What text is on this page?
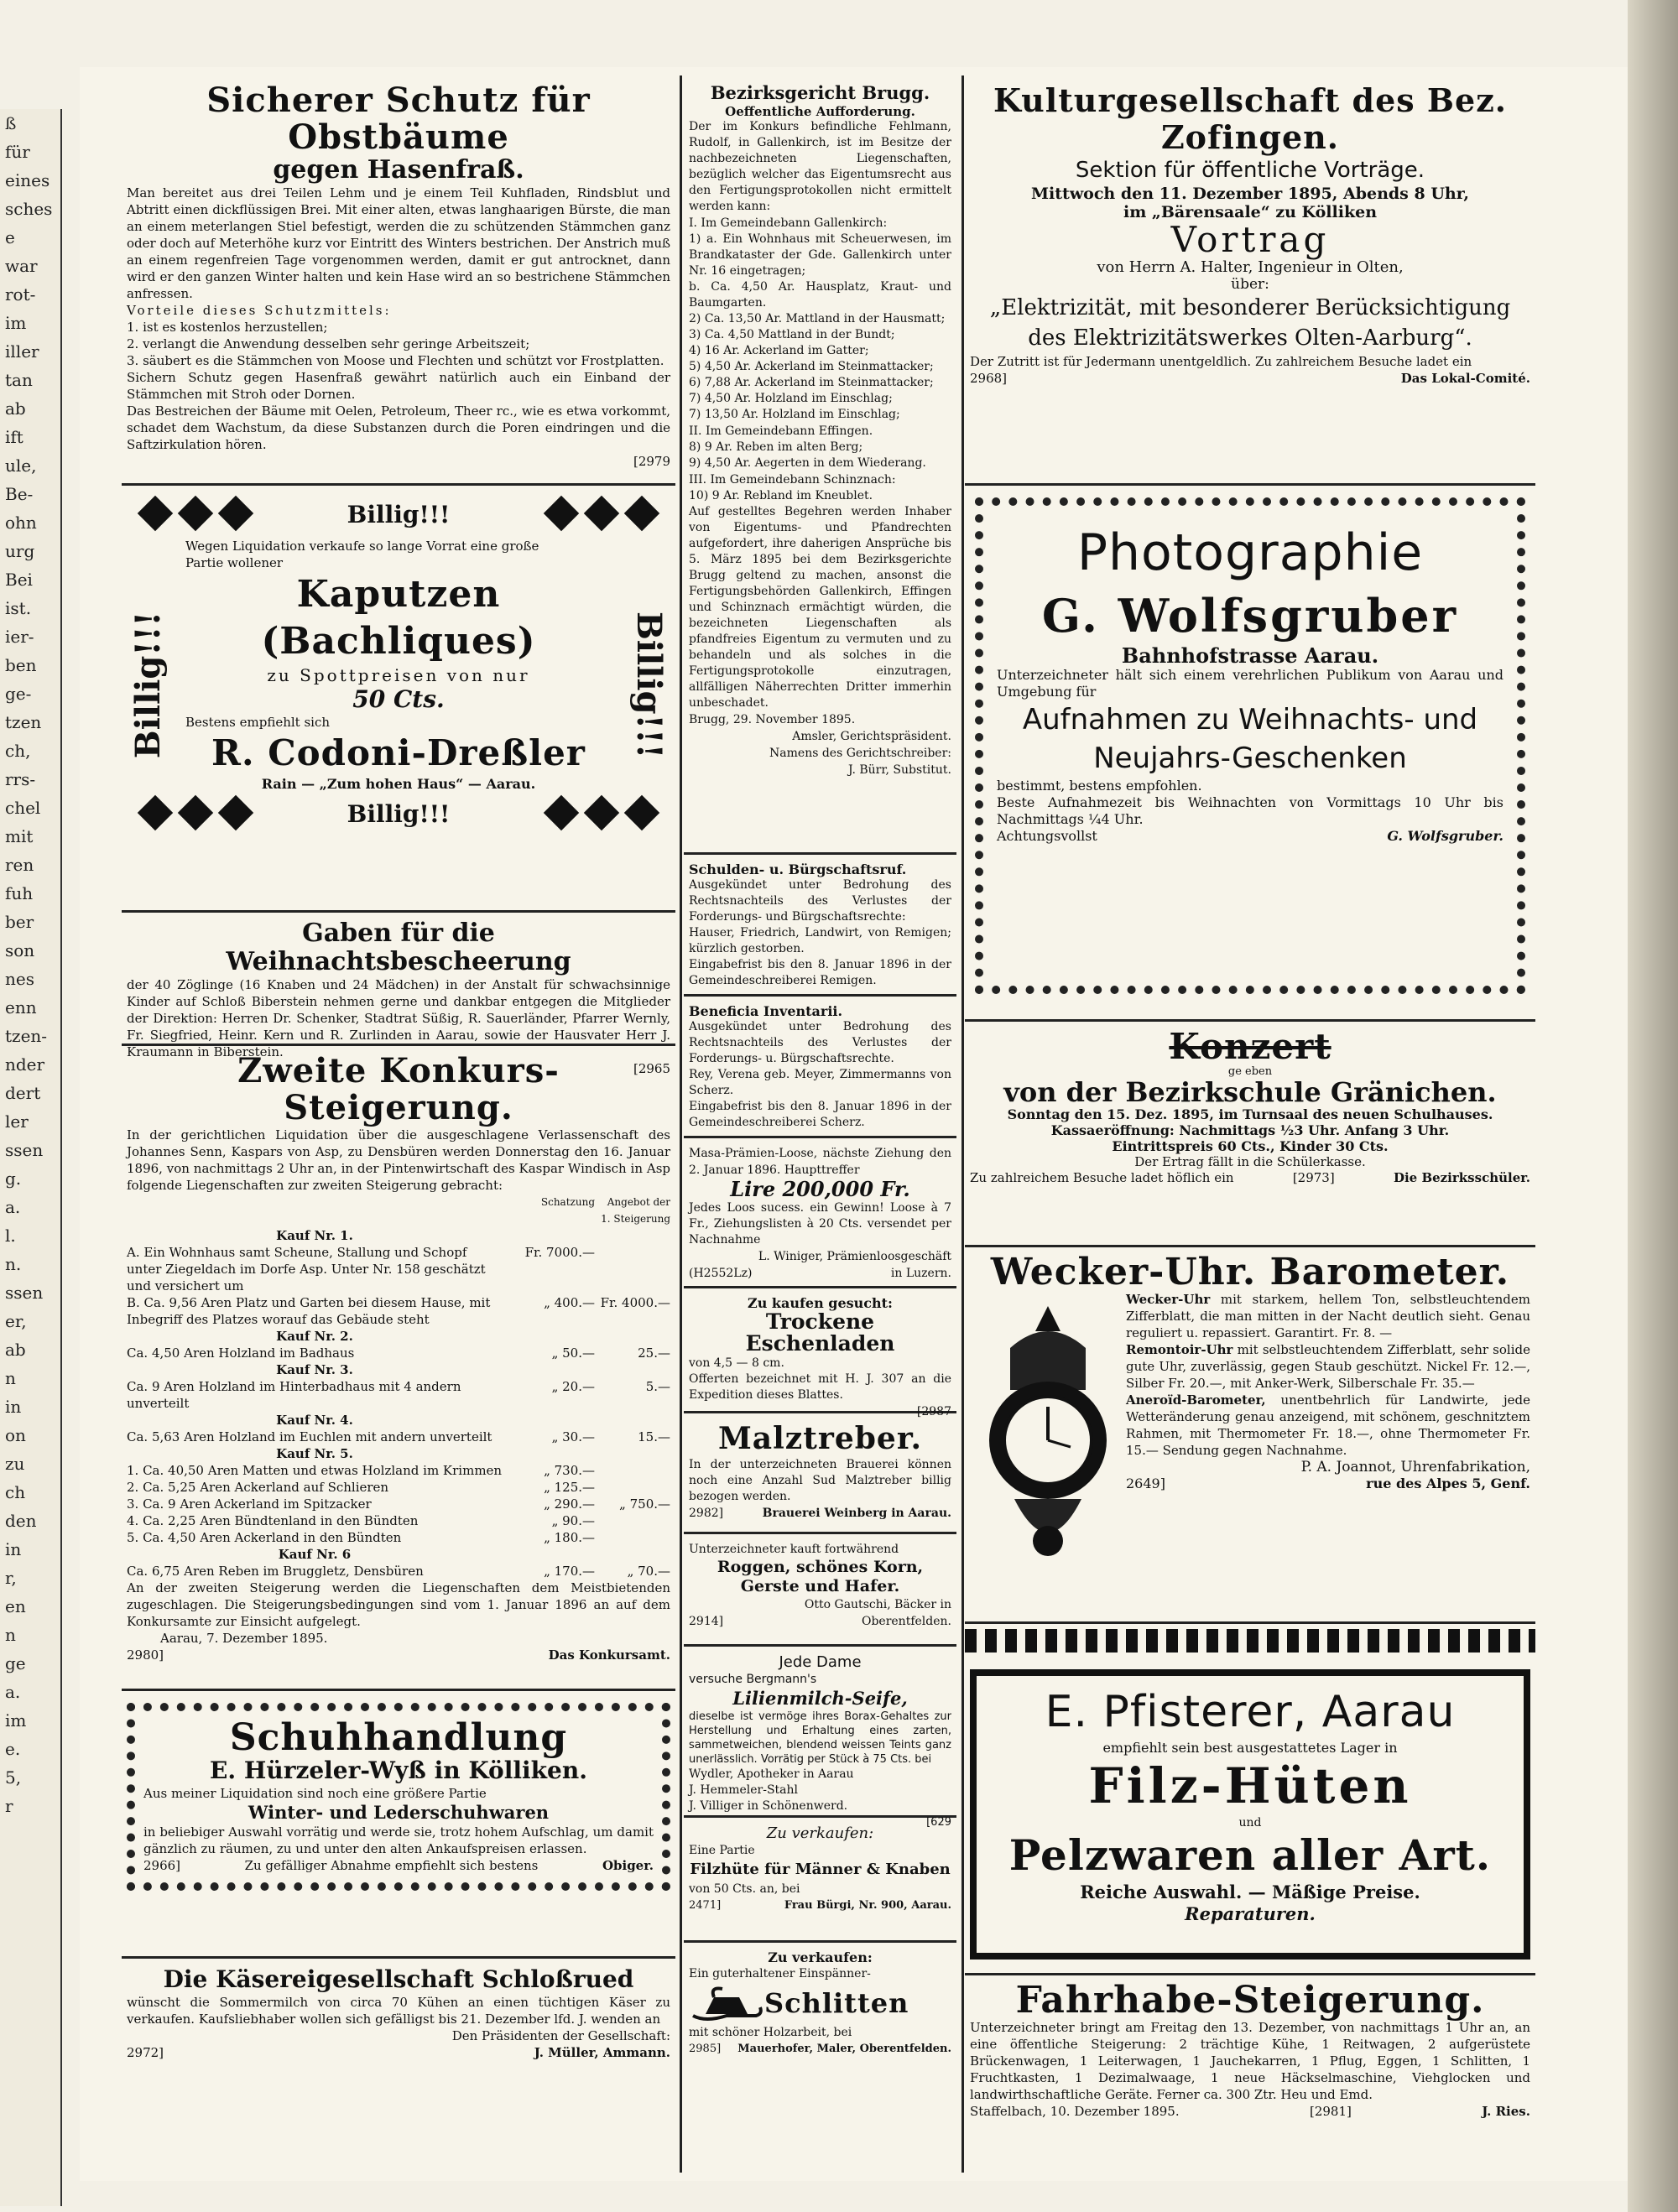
ß
für
eines
sches
e
war
rot-
im
iller
tan
ab
ift
ule,
Be-
ohn
urg
Bei
ist.
ier-
ben
ge-
tzen
ch,
rrs-
chel
mit
ren
fuh
ber
son
nes
enn
tzen-
nder
dert
ler
ssen
g.
a.
l.
n.
ssen
er,
ab
n
in
on
zu
ch
den
in
r,
en
n
ge
a.
im
e.
5,
r
Sicherer Schutz für Obstbäume
gegen Hasenfraß.
Man bereitet aus drei Teilen Lehm und je einem Teil Kuhfladen, Rindsblut und Abtritt einen dickflüssigen Brei. Mit einer alten, etwas langhaarigen Bürste, die man an einem meterlangen Stiel befestigt, werden die zu schützenden Stämmchen ganz oder doch auf Meterhöhe kurz vor Eintritt des Winters bestrichen. Der Anstrich muß an einem regenfreien Tage vorgenommen werden, damit er gut antrocknet, dann wird er den ganzen Winter halten und kein Hase wird an so bestrichene Stämmchen anfressen.
Vorteile dieses Schutzmittels:
1. ist es kostenlos herzustellen;
2. verlangt die Anwendung desselben sehr geringe Arbeitszeit;
3. säubert es die Stämmchen von Moose und Flechten und schützt vor Frostplatten.
Sichern Schutz gegen Hasenfraß gewährt natürlich auch ein Einband der Stämmchen mit Stroh oder Dornen.
Das Bestreichen der Bäume mit Oelen, Petroleum, Theer rc., wie es etwa vorkommt, schadet dem Wachstum, da diese Substanzen durch die Poren eindringen und die Saftzirkulation hören.
[2979
Billig!!!
Billig!!!	Billig!!!
Wegen Liquidation verkaufe so lange Vorrat eine große
Partie wollener
Kaputzen (Bachliques)
zu Spottpreisen von nur
50 Cts.
Bestens empfiehlt sich
R. Codoni-Dreßler
Rain — „Zum hohen Haus“ — Aarau.
Billig!!!
Gaben für die Weihnachtsbescheerung
der 40 Zöglinge (16 Knaben und 24 Mädchen) in der Anstalt für schwachsinnige Kinder auf Schloß Biberstein nehmen gerne und dankbar entgegen die Mitglieder der Direktion: Herren Dr. Schenker, Stadtrat Süßig, R. Sauerländer, Pfarrer Wernly, Fr. Siegfried, Heinr. Kern und R. Zurlinden in Aarau, sowie der Hausvater Herr J. Kraumann in Biberstein.
[2965
Zweite Konkurs-Steigerung.
In der gerichtlichen Liquidation über die ausgeschlagene Verlassenschaft des Johannes Senn, Kaspars von Asp, zu Densbüren werden Donnerstag den 16. Januar 1896, von nachmittags 2 Uhr an, in der Pintenwirtschaft des Kaspar Windisch in Asp folgende Liegenschaften zur zweiten Steigerung gebracht:
Schatzung	Angebot der 1. Steigerung
Kauf Nr. 1.
A. Ein Wohnhaus samt Scheune, Stallung und Schopf unter Ziegeldach im Dorfe Asp. Unter Nr. 158 geschätzt und versichert um
Fr. 7000.—
B. Ca. 9,56 Aren Platz und Garten bei diesem Hause, mit Inbegriff des Platzes worauf das Gebäude steht
„ 400.— Fr. 4000.—
Kauf Nr. 2.
Ca. 4,50 Aren Holzland im Badhaus	„ 50.—	25.—
Kauf Nr. 3.
Ca. 9 Aren Holzland im Hinterbadhaus mit 4 andern unverteilt
„ 20.—	5.—
Kauf Nr. 4.
Ca. 5,63 Aren Holzland im Euchlen mit andern unverteilt	„ 30.—	15.—
Kauf Nr. 5.
1. Ca. 40,50 Aren Matten und etwas Holzland im Krimmen	„ 730.—
2. Ca. 5,25 Aren Ackerland auf Schlieren	„ 125.—
3. Ca. 9 Aren Ackerland im Spitzacker	„ 290.—	„ 750.—
4. Ca. 2,25 Aren Bündtenland in den Bündten	„ 90.—
5. Ca. 4,50 Aren Ackerland in den Bündten	„ 180.—
Kauf Nr. 6
Ca. 6,75 Aren Reben im Bruggletz, Densbüren	„ 170.—	„ 70.—
An der zweiten Steigerung werden die Liegenschaften dem Meistbietenden zugeschlagen. Die Steigerungsbedingungen sind vom 1. Januar 1896 an auf dem Konkursamte zur Einsicht aufgelegt.
Aarau, 7. Dezember 1895.
2980]	Das Konkursamt.
Schuhhandlung
E. Hürzeler-Wyß in Kölliken.
Aus meiner Liquidation sind noch eine größere Partie
Winter- und Lederschuhwaren
in beliebiger Auswahl vorrätig und werde sie, trotz hohem Aufschlag, um damit gänzlich zu räumen, zu und unter den alten Ankaufspreisen erlassen.
2966]	Zu gefälliger Abnahme empfiehlt sich bestens	Obiger.
Die Käsereigesellschaft Schloßrued
wünscht die Sommermilch von circa 70 Kühen an einen tüchtigen Käser zu verkaufen. Kaufsliebhaber wollen sich gefälligst bis 21. Dezember lfd. J. wenden an
Den Präsidenten der Gesellschaft:
2972]	J. Müller, Ammann.
Bezirksgericht Brugg.
Oeffentliche Aufforderung.
Der im Konkurs befindliche Fehlmann, Rudolf, in Gallenkirch, ist im Besitze der nachbezeichneten Liegenschaften, bezüglich welcher das Eigentumsrecht aus den Fertigungsprotokollen nicht ermittelt werden kann:
I. Im Gemeindebann Gallenkirch:
1) a. Ein Wohnhaus mit Scheuerwesen, im Brandkataster der Gde. Gallenkirch unter Nr. 16 eingetragen;
b. Ca. 4,50 Ar. Hausplatz, Kraut- und Baumgarten.
2) Ca. 13,50 Ar. Mattland in der Hausmatt;
3) Ca. 4,50 Mattland in der Bundt;
4) 16 Ar. Ackerland im Gatter;
5) 4,50 Ar. Ackerland im Steinmattacker;
6) 7,88 Ar. Ackerland im Steinmattacker;
7) 4,50 Ar. Holzland im Einschlag;
7) 13,50 Ar. Holzland im Einschlag;
II. Im Gemeindebann Effingen.
8) 9 Ar. Reben im alten Berg;
9) 4,50 Ar. Aegerten in dem Wiederang.
III. Im Gemeindebann Schinznach:
10) 9 Ar. Rebland im Kneublet.
Auf gestelltes Begehren werden Inhaber von Eigentums- und Pfandrechten aufgefordert, ihre daherigen Ansprüche bis 5. März 1895 bei dem Bezirksgerichte Brugg geltend zu machen, ansonst die Fertigungsbehörden Gallenkirch, Effingen und Schinznach ermächtigt würden, die bezeichneten Liegenschaften als pfandfreies Eigentum zu vermuten und zu behandeln und als solches in die Fertigungsprotokolle einzutragen, allfälligen Näherrechten Dritter immerhin unbeschadet.
Brugg, 29. November 1895.
Amsler, Gerichtspräsident.
Namens des Gerichtschreiber:
J. Bürr, Substitut.
Schulden- u. Bürgschaftsruf.
Ausgekündet unter Bedrohung des Rechtsnachteils des Verlustes der Forderungs- und Bürgschaftsrechte:
Hauser, Friedrich, Landwirt, von Remigen; kürzlich gestorben.
Eingabefrist bis den 8. Januar 1896 in der Gemeindeschreiberei Remigen.
Beneficia Inventarii.
Ausgekündet unter Bedrohung des Rechtsnachteils des Verlustes der Forderungs- u. Bürgschaftsrechte.
Rey, Verena geb. Meyer, Zimmermanns von Scherz.
Eingabefrist bis den 8. Januar 1896 in der Gemeindeschreiberei Scherz.
Masa-Prämien-Loose, nächste Ziehung den 2. Januar 1896. Haupttreffer
Lire 200,000 Fr.
Jedes Loos sucess. ein Gewinn! Loose à 7 Fr., Ziehungslisten à 20 Cts. versendet per Nachnahme
L. Winiger, Prämienloosgeschäft
(H2552Lz)	in Luzern.
Zu kaufen gesucht:
Trockene Eschenladen
von 4,5 — 8 cm.
Offerten bezeichnet mit H. J. 307 an die Expedition dieses Blattes.
[2987
Malztreber.
In der unterzeichneten Brauerei können noch eine Anzahl Sud Malztreber billig bezogen werden.
2982]	Brauerei Weinberg in Aarau.
Unterzeichneter kauft fortwährend
Roggen, schönes Korn, Gerste und Hafer.
Otto Gautschi, Bäcker in
2914]	Oberentfelden.
Jede Dame
versuche Bergmann's
Lilienmilch-Seife,
dieselbe ist vermöge ihres Borax-Gehaltes zur Herstellung und Erhaltung eines zarten, sammetweichen, blendend weissen Teints ganz unerlässlich. Vorrätig per Stück à 75 Cts. bei
Wydler, Apotheker in Aarau
J. Hemmeler-Stahl
J. Villiger in Schönenwerd.
[629
Zu verkaufen:
Eine Partie
Filzhüte für Männer & Knaben
von 50 Cts. an, bei
2471]	Frau Bürgi, Nr. 900, Aarau.
Zu verkaufen:
Ein guterhaltener Einspänner-
Schlitten
mit schöner Holzarbeit, bei
2985] Mauerhofer, Maler, Oberentfelden.
Kulturgesellschaft des Bez. Zofingen.
Sektion für öffentliche Vorträge.
Mittwoch den 11. Dezember 1895, Abends 8 Uhr,
im „Bärensaale“ zu Kölliken
Vortrag
von Herrn A. Halter, Ingenieur in Olten,
über:
„Elektrizität, mit besonderer Berücksichtigung des Elektrizitätswerkes Olten-Aarburg“.
Der Zutritt ist für Jedermann unentgeldlich. Zu zahlreichem Besuche ladet ein
2968]	Das Lokal-Comité.
Photographie
G. Wolfsgruber
Bahnhofstrasse Aarau.
Unterzeichneter hält sich einem verehrlichen Publikum von Aarau und Umgebung für
Aufnahmen zu Weihnachts- und
Neujahrs-Geschenken
bestimmt, bestens empfohlen.
Beste Aufnahmezeit bis Weihnachten von Vormittags 10 Uhr bis Nachmittags ¼4 Uhr.
Achtungsvollst	G. Wolfsgruber.
Konzert
ge eben
von der Bezirkschule Gränichen.
Sonntag den 15. Dez. 1895, im Turnsaal des neuen Schulhauses.
Kassaeröffnung: Nachmittags ½3 Uhr. Anfang 3 Uhr.
Eintrittspreis 60 Cts., Kinder 30 Cts.
Der Ertrag fällt in die Schülerkasse.
Zu zahlreichem Besuche ladet höflich ein	[2973]	Die Bezirksschüler.
Wecker-Uhr. Barometer.
Wecker-Uhr mit starkem, hellem Ton, selbstleuchtendem Zifferblatt, die man mitten in der Nacht deutlich sieht. Genau reguliert u. repassiert. Garantirt. Fr. 8. —
Remontoir-Uhr mit selbstleuchtendem Zifferblatt, sehr solide gute Uhr, zuverlässig, gegen Staub geschützt. Nickel Fr. 12.—, Silber Fr. 20.—, mit Anker-Werk, Silberschale Fr. 35.—
Aneroïd-Barometer, unentbehrlich für Landwirte, jede Wetteränderung genau anzeigend, mit schönem, geschnitztem Rahmen, mit Thermometer Fr. 18.—, ohne Thermometer Fr. 15.— Sendung gegen Nachnahme.
P. A. Joannot, Uhrenfabrikation,
2649]	rue des Alpes 5, Genf.
E. Pfisterer, Aarau
empfiehlt sein best ausgestattetes Lager in
Filz-Hüten
und
Pelzwaren aller Art.
Reiche Auswahl. — Mäßige Preise.
Reparaturen.
Fahrhabe-Steigerung.
Unterzeichneter bringt am Freitag den 13. Dezember, von nachmittags 1 Uhr an, an eine öffentliche Steigerung: 2 trächtige Kühe, 1 Reitwagen, 2 aufgerüstete Brückenwagen, 1 Leiterwagen, 1 Jauchekarren, 1 Pflug, Eggen, 1 Schlitten, 1 Fruchtkasten, 1 Dezimalwaage, 1 neue Häckselmaschine, Viehglocken und landwirthschaftliche Geräte. Ferner ca. 300 Ztr. Heu und Emd.
Staffelbach, 10. Dezember 1895.	[2981]	J. Ries.
